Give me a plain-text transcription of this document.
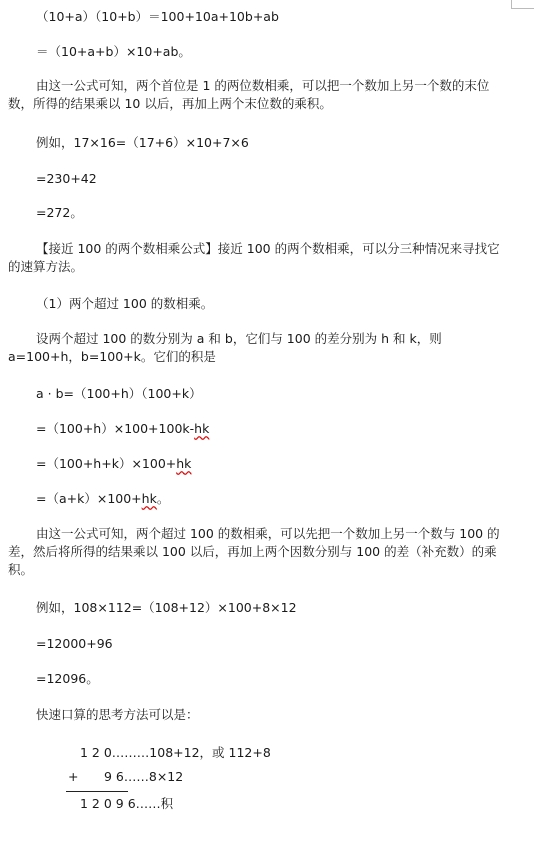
（10+a）（10+b）＝100+10a+10b+ab
＝（10+a+b）×10+ab。
由这一公式可知，两个首位是 1 的两位数相乘，可以把一个数加上另一个数的末位数，所得的结果乘以 10 以后，再加上两个末位数的乘积。
例如，17×16=（17+6）×10+7×6
=230+42
=272。
【接近 100 的两个数相乘公式】接近 100 的两个数相乘，可以分三种情况来寻找它的速算方法。
（1）两个超过 100 的数相乘。
设两个超过 100 的数分别为 a 和 b，它们与 100 的差分别为 h 和 k，则 a=100+h，b=100+k。它们的积是
a · b=（100+h）（100+k）
=（100+h）×100+100k-hk
=（100+h+k）×100+hk
=（a+k）×100+hk。
由这一公式可知，两个超过 100 的数相乘，可以先把一个数加上另一个数与 100 的差，然后将所得的结果乘以 100 以后，再加上两个因数分别与 100 的差（补充数）的乘积。
例如，108×112=（108+12）×100+8×12
=12000+96
=12096。
快速口算的思考方法可以是：
1 2 0………108+12，或 112+8
+ 9 6……8×12
1 2 0 9 6……积
